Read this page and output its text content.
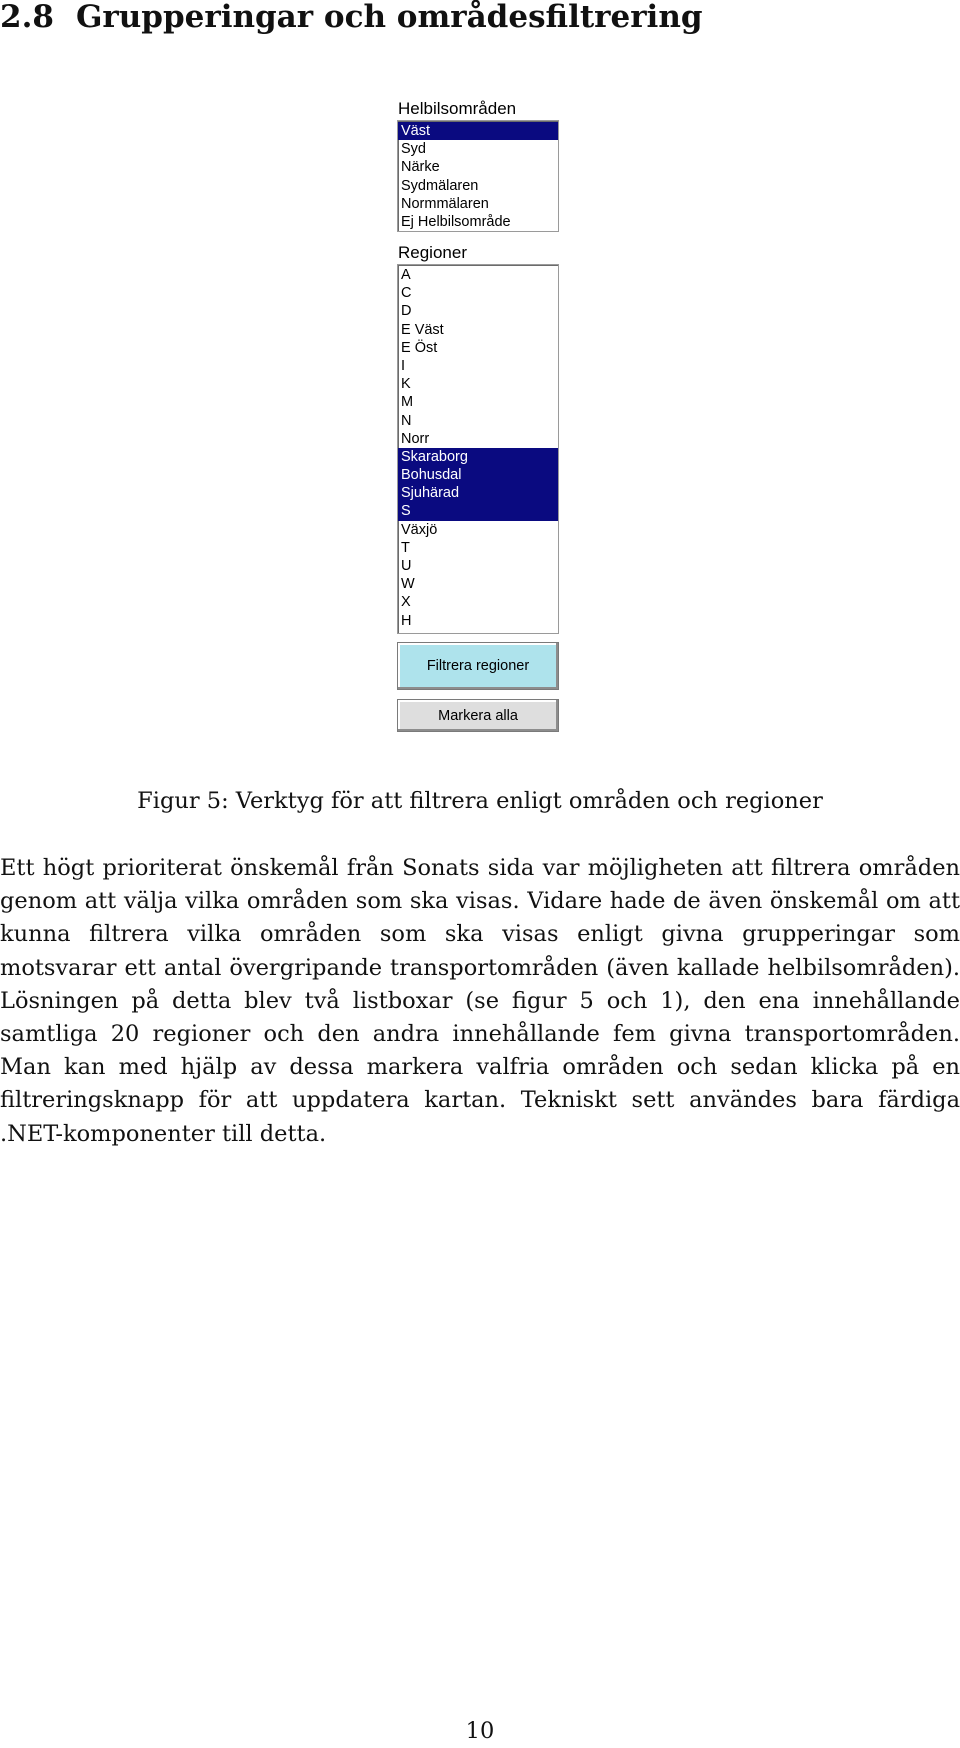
2.8 Grupperingar och områdesfiltrering
Helbilsområden
Väst
Syd
Närke
Sydmälaren
Normmälaren
Ej Helbilsområde
Regioner
A
C
D
E Väst
E Öst
I
K
M
N
Norr
Skaraborg
Bohusdal
Sjuhärad
S
Växjö
T
U
W
X
H
Filtrera regioner
Markera alla
Figur 5: Verktyg för att filtrera enligt områden och regioner

Ett högt prioriterat önskemål från Sonats sida var möjligheten att filtrera områden genom att välja vilka områden som ska visas. Vidare hade de även önskemål om att kunna filtrera vilka områden som ska visas enligt givna grupperingar som motsvarar ett antal övergripande transportområden (även kallade helbilsområden). Lösningen på detta blev två listboxar (se figur 5 och 1), den ena innehållande samtliga 20 regioner och den andra innehållande fem givna transportområden. Man kan med hjälp av dessa markera valfria områden och sedan klicka på en filtreringsknapp för att uppdatera kartan. Tekniskt sett användes bara färdiga .NET-komponenter till detta.

10
